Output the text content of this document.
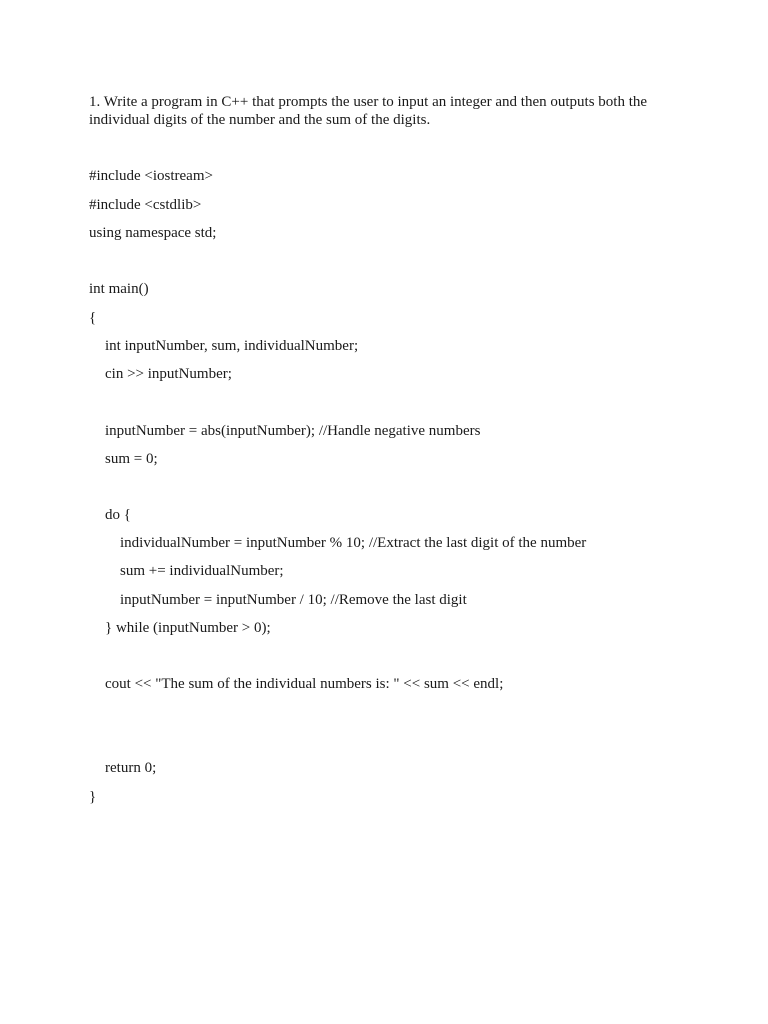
1. Write a program in C++ that prompts the user to input an integer and then outputs both the
individual digits of the number and the sum of the digits.
#include <iostream>
#include <cstdlib>
using namespace std;
int main()
{
int inputNumber, sum, individualNumber;
cin >> inputNumber;
inputNumber = abs(inputNumber); //Handle negative numbers
sum = 0;
do {
individualNumber = inputNumber % 10; //Extract the last digit of the number
sum += individualNumber;
inputNumber = inputNumber / 10; //Remove the last digit
} while (inputNumber > 0);
cout << "The sum of the individual numbers is: " << sum << endl;
return 0;
}
